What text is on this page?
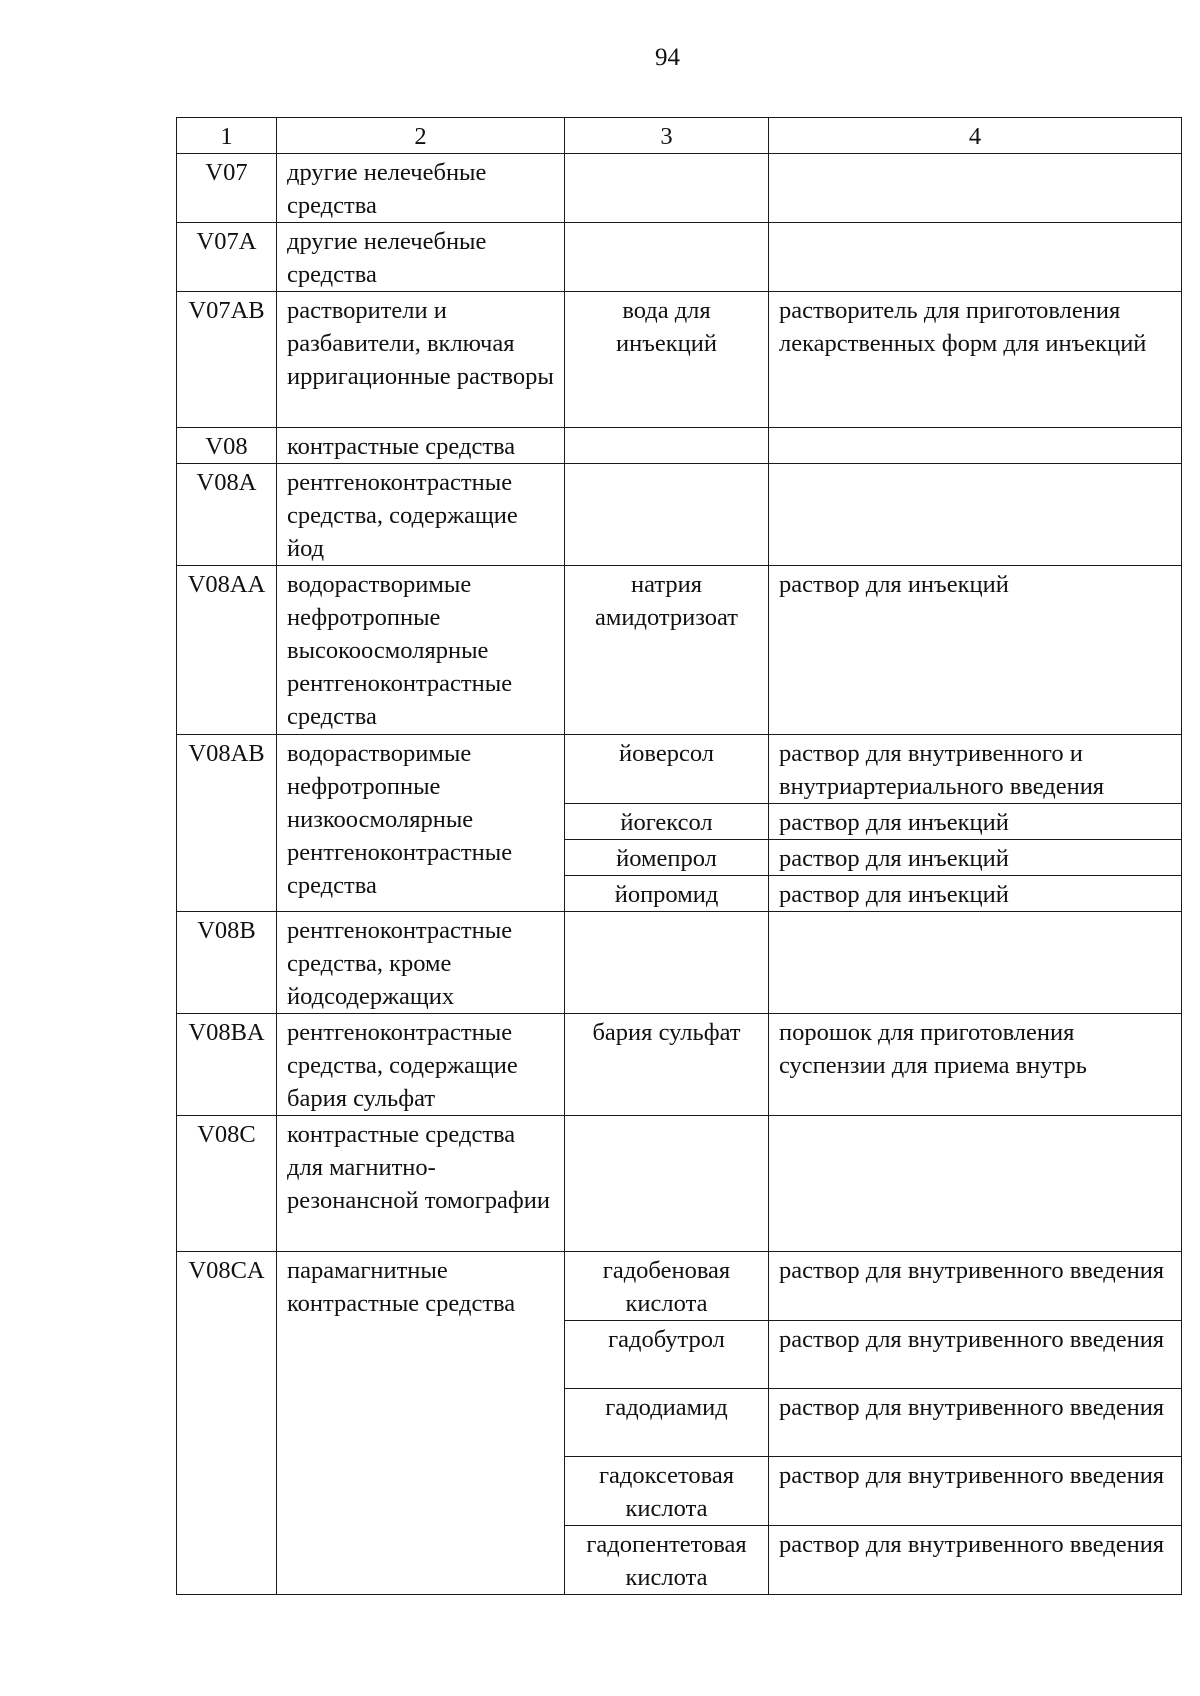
94
1	2	3	4
V07	другие нелечебные средства		
V07A	другие нелечебные средства		
V07AB	растворители и разбавители, включая ирригационные растворы	вода для инъекций	растворитель для приготовления лекарственных форм для инъекций
V08	контрастные средства		
V08A	рентгеноконтрастные средства, содержащие йод		
V08AA	водорастворимые нефротропные высокоосмолярные рентгеноконтрастные средства	натрия амидотризоат	раствор для инъекций
V08AB	водорастворимые нефротропные низкоосмолярные рентгеноконтрастные средства	йоверсол	раствор для внутривенного и внутриартериального введения
		йогексол	раствор для инъекций
		йомепрол	раствор для инъекций
		йопромид	раствор для инъекций
V08B	рентгеноконтрастные средства, кроме йодсодержащих		
V08BA	рентгеноконтрастные средства, содержащие бария сульфат	бария сульфат	порошок для приготовления суспензии для приема внутрь
V08C	контрастные средства для магнитно-резонансной томографии		
V08CA	парамагнитные контрастные средства	гадобеновая кислота	раствор для внутривенного введения
		гадобутрол	раствор для внутривенного введения
		гадодиамид	раствор для внутривенного введения
		гадоксетовая кислота	раствор для внутривенного введения
		гадопентетовая кислота	раствор для внутривенного введения
